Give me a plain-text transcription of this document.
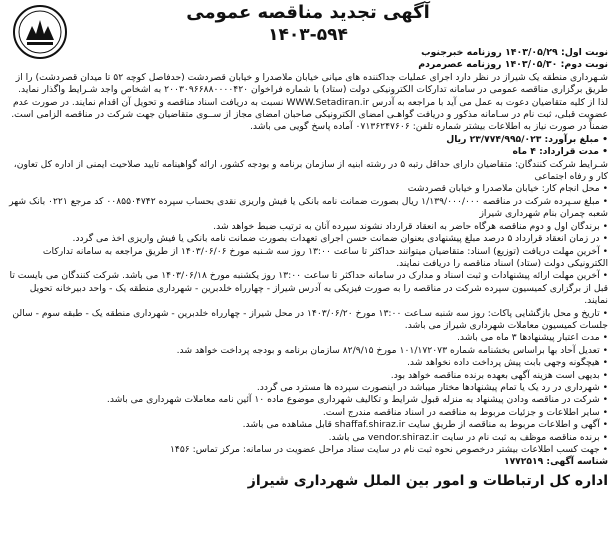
آگهی تجدید مناقصه عمومی
۱۴۰۳-۵۹۴
نوبت اول: ۱۴۰۳/۰۵/۲۹ روزنامه خبرجنوب
نوبت دوم: ۱۴۰۳/۰۵/۳۰ روزنامه عصرمردم

شـهرداری منطقه یک شیراز در نظر دارد اجرای عملیات جداکننده های میانی خیابان ملاصدرا و خیابان قصردشت (حدفاصل کوچه ۵۲ تا میدان قصردشت) را از طریق برگزاری مناقصه عمومی در سامانه تدارکات الکترونیکی دولت (ستاد) با شماره فراخوان ۲۰۰۳۰۹۶۶۸۸۰۰۰۰۴۲۰ به اشخاص واجد شـرایط واگذار نماید. لذا از کلیه متقاضیان دعوت به عمل می آید با مراجعه به آدرس WWW.Setadiran.ir نسبت به دریافت اسناد مناقصه و تحویل آن اقدام نمایند. در صورت عدم عضویت قبلی، ثبت نام در سـامانه مذکور و دریافت گواهـی امضای الکترونیکی صاحبان امضای مجاز از ســوی متقاضیان جهت شرکت در مناقصه الزامی است. ضمناً در صورت نیاز به اطلاعات بیشتر شماره تلفن: ۰۷۱۳۶۲۴۷۶۰۶ آماده پاسخ گویی می باشد.

• مبلغ برآورد: ۲۳/۷۷۴/۹۹۵/۰۲۳ ریال

• مدت قرارداد: ۴ ماه

شـرایط شرکت کنندگان: متقاضیان دارای حداقل رتبه ۵ در رشته ابنیه از سازمان برنامه و بودجه کشور، ارائه گواهینامه تایید صلاحیت ایمنی از اداره کل تعاون، کار و رفاه اجتماعی

• محل انجام کار: خیابان ملاصدرا و خیابان قصردشت

• مبلغ سـپرده شرکت در مناقصه ۱/۱۳۹/۰۰۰/۰۰۰ ریال بصورت ضمانت نامه بانکی یا فیش واریزی نقدی بحساب سپرده ۰۰۸۵۵۰۴۷۴۲ کد مرجع ۰۲۲۱ بانک شهر شعبه چمران بنام شهرداری شیراز

• برندگان اول و دوم مناقصه هرگاه حاضر به انعقاد قرارداد نشوند سپرده آنان به ترتیب ضبط خواهد شد.

• در زمان انعقاد قرارداد ۵ درصد مبلغ پیشنهادی بعنوان ضمانت حسن اجرای تعهدات بصورت ضمانت نامه بانکی یا فیش واریزی اخذ می گردد.

• آخرین مهلت دریافت (توزیع) اسناد: متقاضیان میتوانند حداکثر تا ساعت ۱۳:۰۰ روز سه شـنبه مورخ ۱۴۰۳/۰۶/۰۶ از طریق مراجعه به سامانه تدارکات الکترونیکی دولت (ستاد) اسناد مناقصه را دریافت نمایند.

• آخرین مهلت ارائه پیشنهادات و ثبت اسناد و مدارک در سامانه حداکثر تا ساعت ۱۳:۰۰ روز یکشنبه مورخ ۱۴۰۳/۰۶/۱۸ می باشد. شرکت کنندگان می بایست تا قبل از برگزاری کمیسیون سپرده شرکت در مناقصه را به صورت فیزیکی به آدرس شیراز - چهارراه خلدبرین - شهرداری منطقه یک - واحد دبیرخانه تحویل نمایند.

• تاریخ و محل بازگشایی پاکات: روز سه شنبه سـاعت ۱۳:۰۰ مورخ ۱۴۰۳/۰۶/۲۰ در محل شیراز - چهارراه خلدبرین - شهرداری منطقه یک - طبقه سوم - سالن جلسات کمیسیون معاملات شهرداری شیراز می باشد.

• مدت اعتبار پیشنهادها ۳ ماه می باشد.

• تعدیل آحاد بها براساس بخشنامه شماره ۱۰۱/۱۷۲۰۷۳ مورخ ۸۲/۹/۱۵ سازمان برنامه و بودجه پرداخت خواهد شد.

• هیچگونه وجهی بابت پیش پرداخت داده نخواهد شد.

• بدیهی است هزینه آگهی بعهده برنده مناقصه خواهد بود.

• شهرداری در رد یک یا تمام پیشنهادها مختار میباشد در اینصورت سپرده ها مسترد می گردد.

• شرکت در مناقصه ودادن پیشنهاد به منزله قبول شرایط و تکالیف شهرداری موضوع ماده ۱۰ آئین نامه معاملات شهرداری می باشد.

• سایر اطلاعات و جزئیات مربوط به مناقصه در اسناد مناقصه مندرج است.

• آگهی و اطلاعات مربوط به مناقصه از طریق سایت shaffaf.shiraz.ir قابل مشاهده می باشد.

• برنده مناقصه موظف به ثبت نام در سایت vendor.shiraz.ir می باشد.

• جهت کسب اطلاعات بیشتر درخصوص نحوه ثبت نام در سایت ستاد مراحل عضویت در سامانه: مرکز تماس: ۱۴۵۶

شناسه آگهی: ۱۷۷۲۵۱۹

اداره کل ارتباطات و امور بین الملل شهرداری شیراز
